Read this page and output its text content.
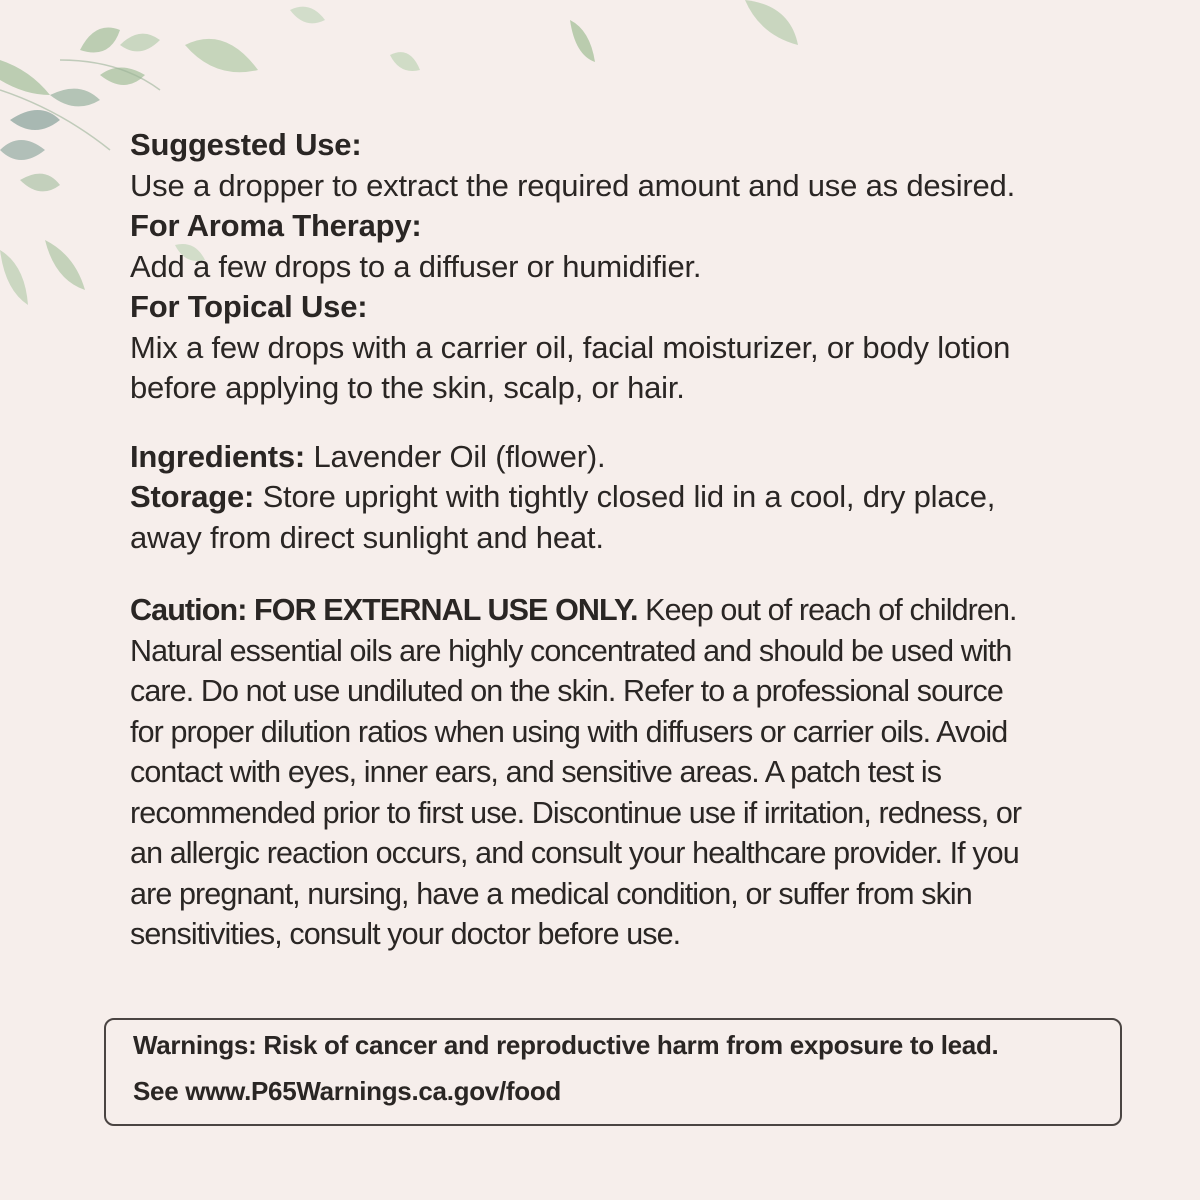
Suggested Use:
Use a dropper to extract the required amount and use as desired.
For Aroma Therapy:
Add a few drops to a diffuser or humidifier.
For Topical Use:
Mix a few drops with a carrier oil, facial moisturizer, or body lotion
before applying to the skin, scalp, or hair.
Ingredients: Lavender Oil (flower).
Storage: Store upright with tightly closed lid in a cool, dry place,
away from direct sunlight and heat.
Caution: FOR EXTERNAL USE ONLY. Keep out of reach of children.
Natural essential oils are highly concentrated and should be used with
care. Do not use undiluted on the skin. Refer to a professional source
for proper dilution ratios when using with diffusers or carrier oils. Avoid
contact with eyes, inner ears, and sensitive areas. A patch test is
recommended prior to first use. Discontinue use if irritation, redness, or
an allergic reaction occurs, and consult your healthcare provider. If you
are pregnant, nursing, have a medical condition, or suffer from skin
sensitivities, consult your doctor before use.
Warnings: Risk of cancer and reproductive harm from exposure to lead.
See www.P65Warnings.ca.gov/food
